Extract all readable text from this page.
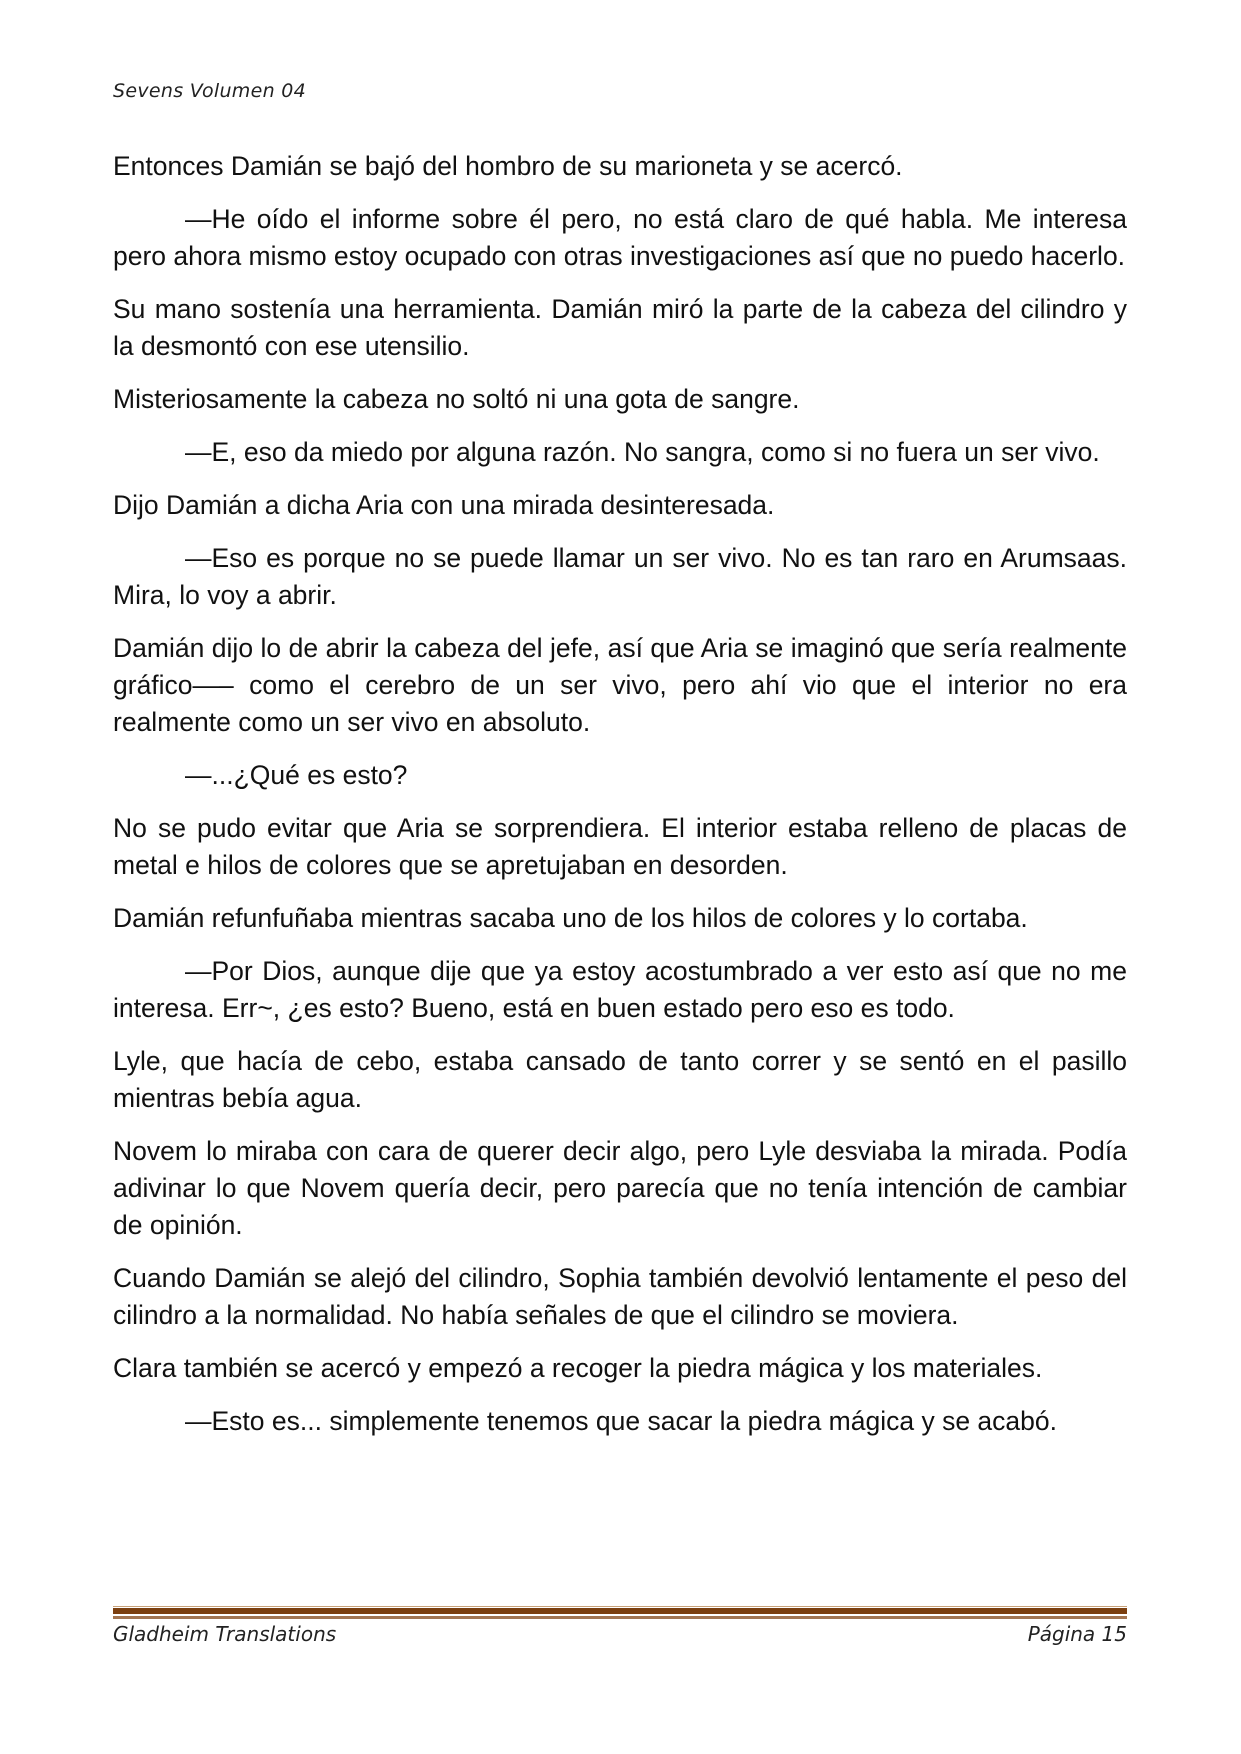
Sevens Volumen 04

Entonces Damián se bajó del hombro de su marioneta y se acercó.

—He oído el informe sobre él pero, no está claro de qué habla. Me interesa pero ahora mismo estoy ocupado con otras investigaciones así que no puedo hacerlo.

Su mano sostenía una herramienta. Damián miró la parte de la cabeza del cilindro y la desmontó con ese utensilio.

Misteriosamente la cabeza no soltó ni una gota de sangre.

—E, eso da miedo por alguna razón. No sangra, como si no fuera un ser vivo.

Dijo Damián a dicha Aria con una mirada desinteresada.

—Eso es porque no se puede llamar un ser vivo. No es tan raro en Arumsaas. Mira, lo voy a abrir.

Damián dijo lo de abrir la cabeza del jefe, así que Aria se imaginó que sería realmente gráfico—– como el cerebro de un ser vivo, pero ahí vio que el interior no era realmente como un ser vivo en absoluto.

—...¿Qué es esto?

No se pudo evitar que Aria se sorprendiera. El interior estaba relleno de placas de metal e hilos de colores que se apretujaban en desorden.

Damián refunfuñaba mientras sacaba uno de los hilos de colores y lo cortaba.

—Por Dios, aunque dije que ya estoy acostumbrado a ver esto así que no me interesa. Err~, ¿es esto? Bueno, está en buen estado pero eso es todo.

Lyle, que hacía de cebo, estaba cansado de tanto correr y se sentó en el pasillo mientras bebía agua.

Novem lo miraba con cara de querer decir algo, pero Lyle desviaba la mirada. Podía adivinar lo que Novem quería decir, pero parecía que no tenía intención de cambiar de opinión.

Cuando Damián se alejó del cilindro, Sophia también devolvió lentamente el peso del cilindro a la normalidad. No había señales de que el cilindro se moviera.

Clara también se acercó y empezó a recoger la piedra mágica y los materiales.

—Esto es... simplemente tenemos que sacar la piedra mágica y se acabó.

Gladheim Translations	Página 15
